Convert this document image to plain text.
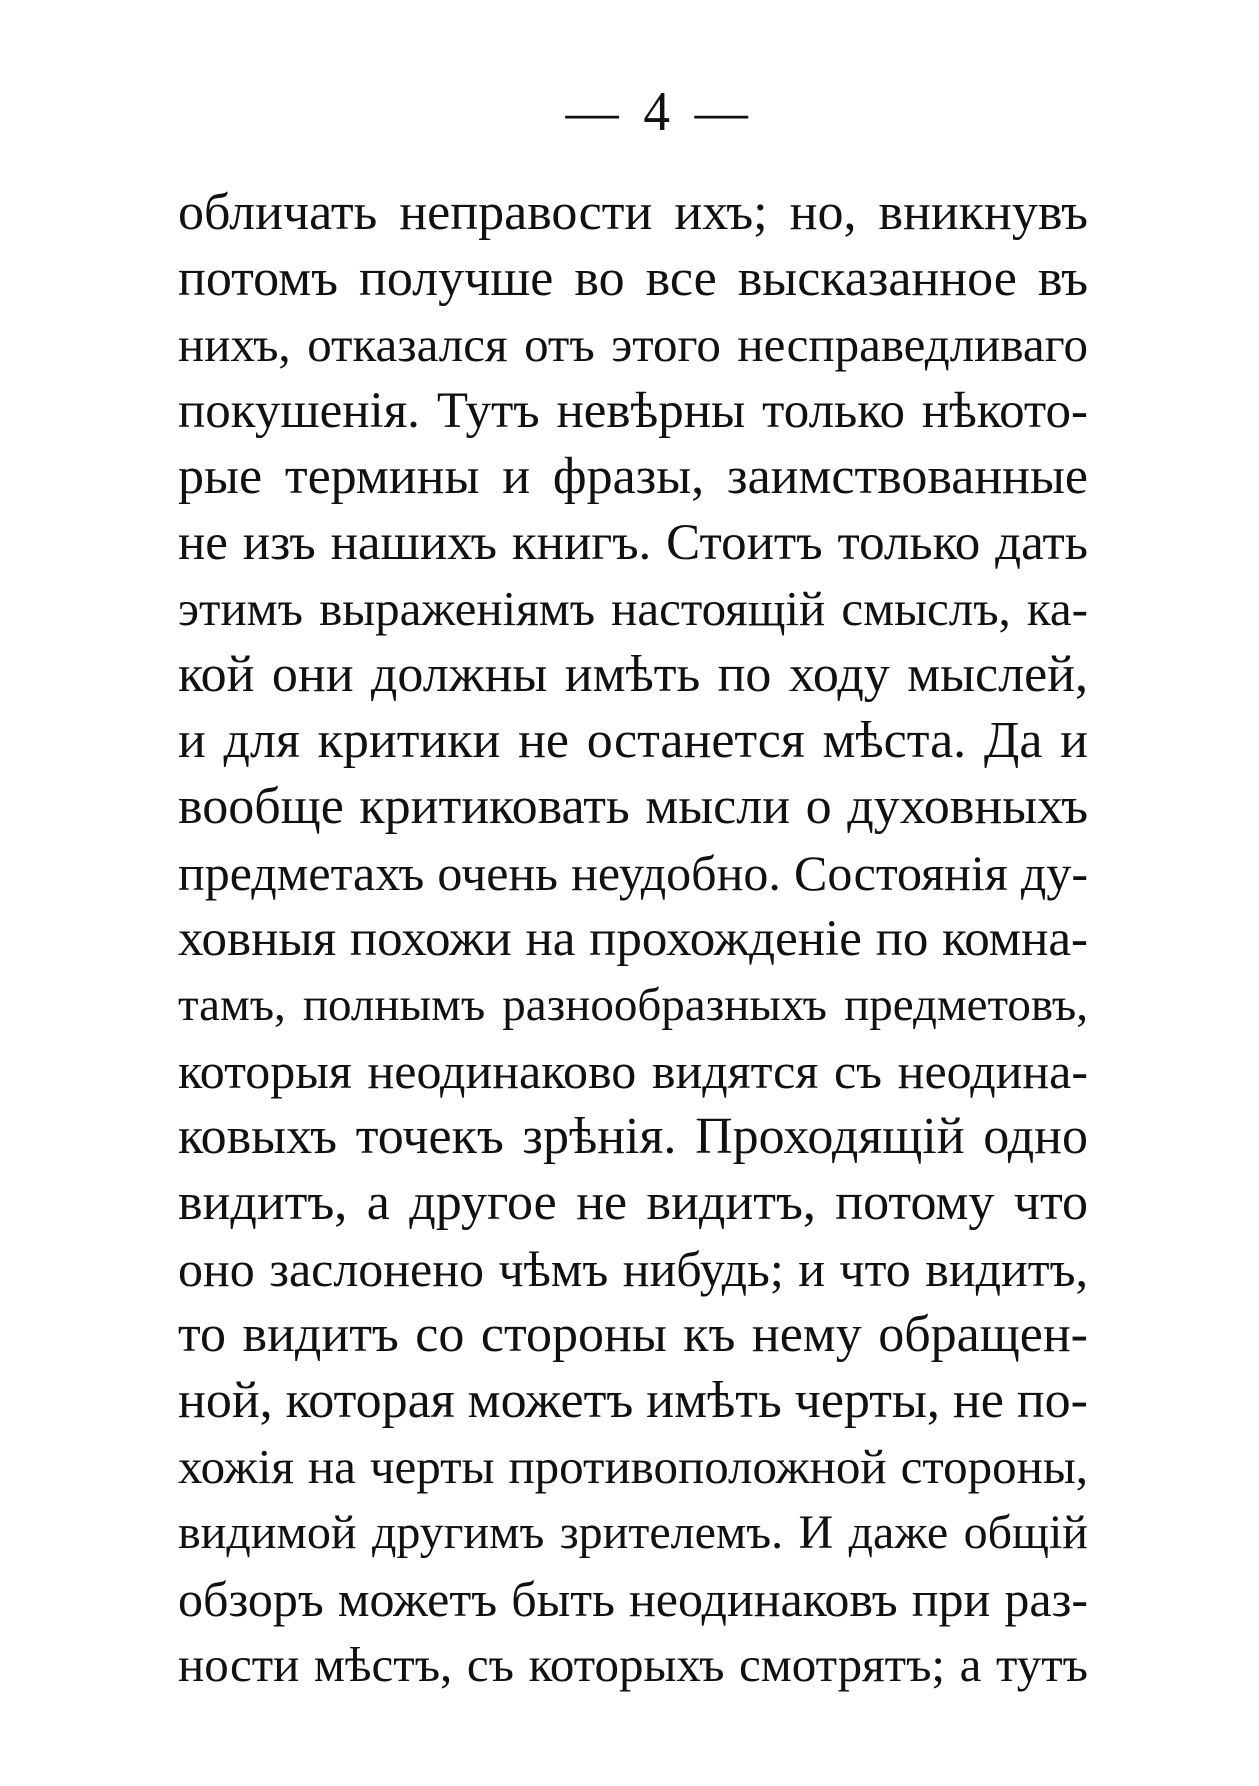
— 4 —
обличать неправости ихъ; но, вникнувъ
потомъ получше во все высказанное въ
нихъ, отказался отъ этого несправедливаго
покушенія. Тутъ невѣрны только нѣкото-
рые термины и фразы, заимствованные
не изъ нашихъ книгъ. Стоитъ только дать
этимъ выраженіямъ настоящій смыслъ, ка-
кой они должны имѣть по ходу мыслей,
и для критики не останется мѣста. Да и
вообще критиковать мысли о духовныхъ
предметахъ очень неудобно. Состоянія ду-
ховныя похожи на прохожденіе по комна-
тамъ, полнымъ разнообразныхъ предметовъ,
которыя неодинаково видятся съ неодина-
ковыхъ точекъ зрѣнія. Проходящій одно
видитъ, а другое не видитъ, потому что
оно заслонено чѣмъ нибудь; и что видитъ,
то видитъ со стороны къ нему обращен-
ной, которая можетъ имѣть черты, не по-
хожія на черты противоположной стороны,
видимой другимъ зрителемъ. И даже общій
обзоръ можетъ быть неодинаковъ при раз-
ности мѣстъ, съ которыхъ смотрятъ; а тутъ
